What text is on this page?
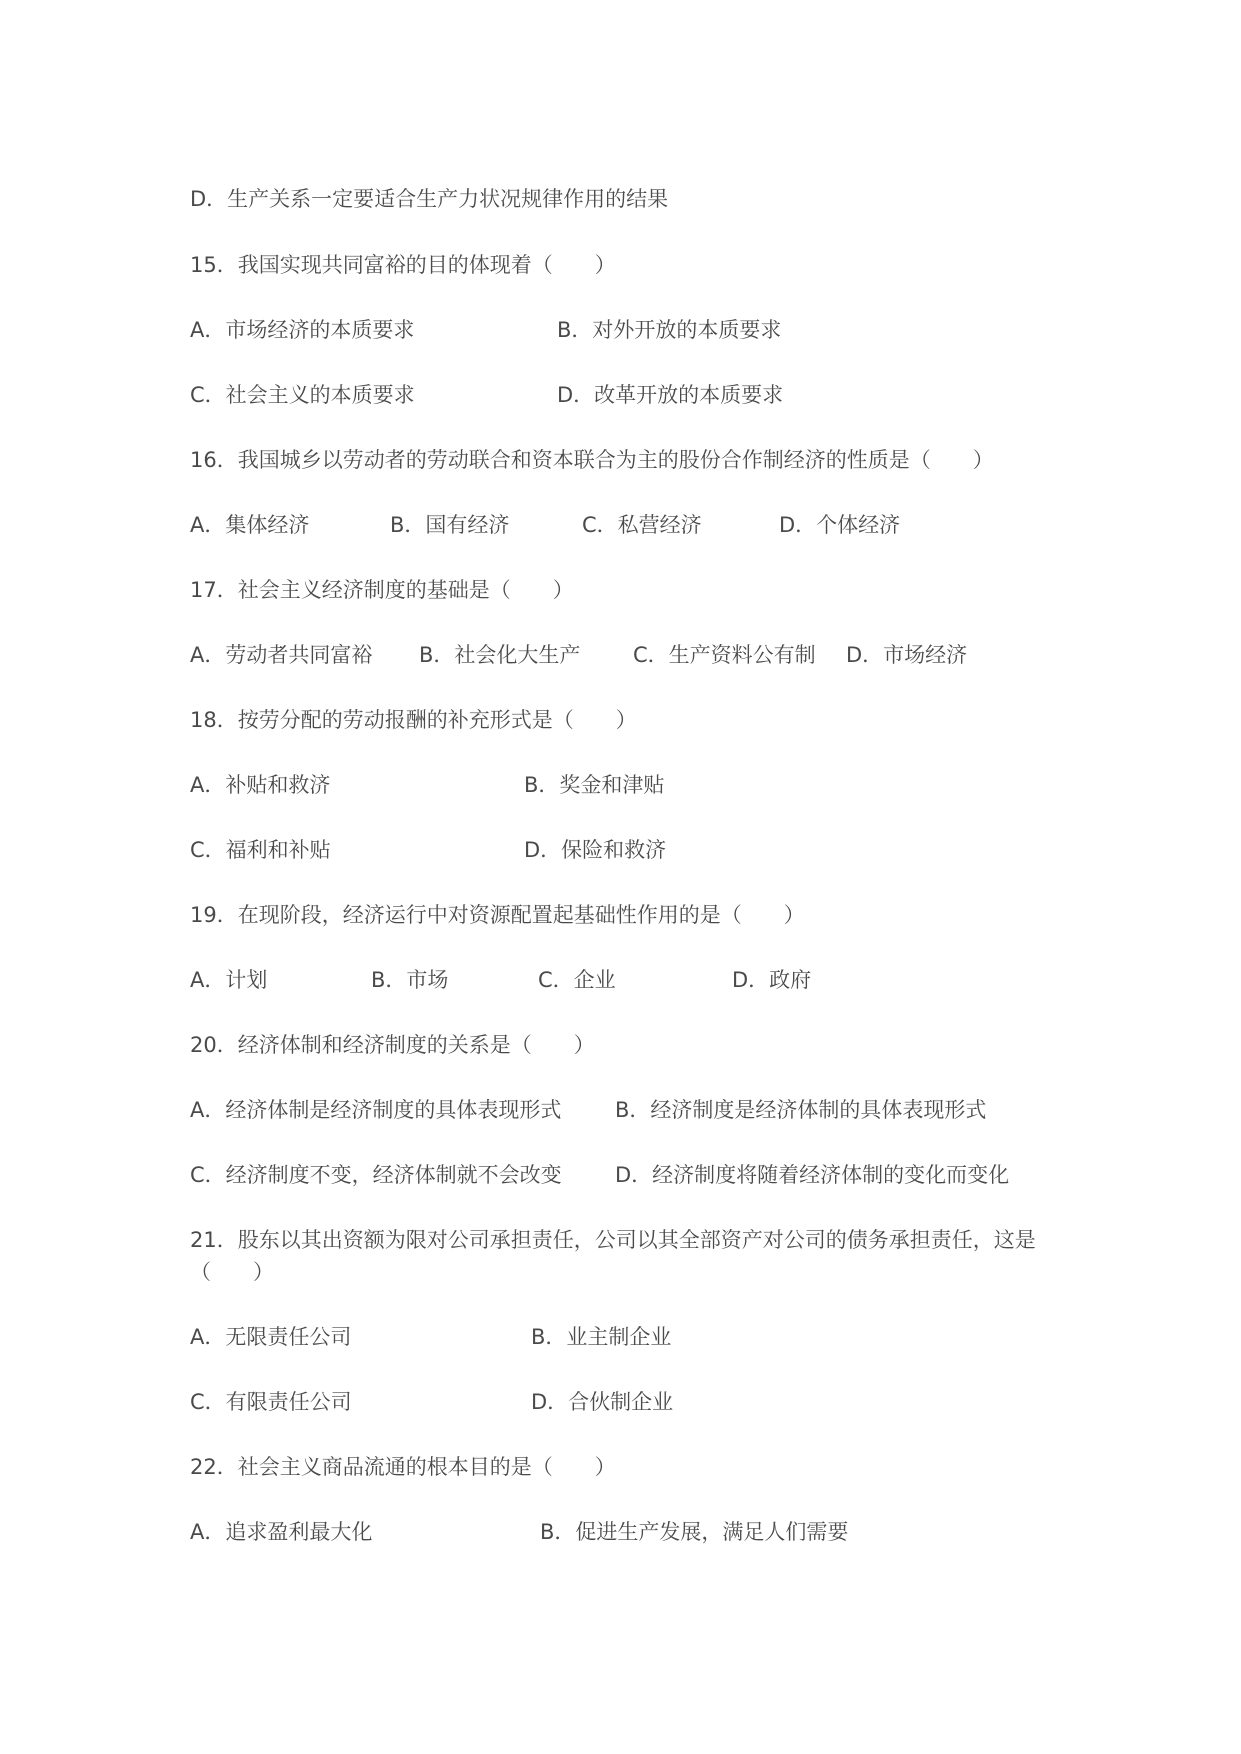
D．生产关系一定要适合生产力状况规律作用的结果
15．我国实现共同富裕的目的体现着（　　）
A．市场经济的本质要求	B．对外开放的本质要求
C．社会主义的本质要求	D．改革开放的本质要求
16．我国城乡以劳动者的劳动联合和资本联合为主的股份合作制经济的性质是（　　）
A．集体经济	B．国有经济	C．私营经济	D．个体经济
17．社会主义经济制度的基础是（　　）
A．劳动者共同富裕 B．社会化大生产	C．生产资料公有制 D．市场经济
18．按劳分配的劳动报酬的补充形式是（　　）
A．补贴和救济	B．奖金和津贴
C．福利和补贴	D．保险和救济
19．在现阶段，经济运行中对资源配置起基础性作用的是（　　）
A．计划	B．市场	C．企业	D．政府
20．经济体制和经济制度的关系是（　　）
A．经济体制是经济制度的具体表现形式	B．经济制度是经济体制的具体表现形式
C．经济制度不变，经济体制就不会改变	D．经济制度将随着经济体制的变化而变化
21．股东以其出资额为限对公司承担责任，公司以其全部资产对公司的债务承担责任，这是（　　）
A．无限责任公司	B．业主制企业
C．有限责任公司	D．合伙制企业
22．社会主义商品流通的根本目的是（　　）
A．追求盈利最大化	B．促进生产发展，满足人们需要
